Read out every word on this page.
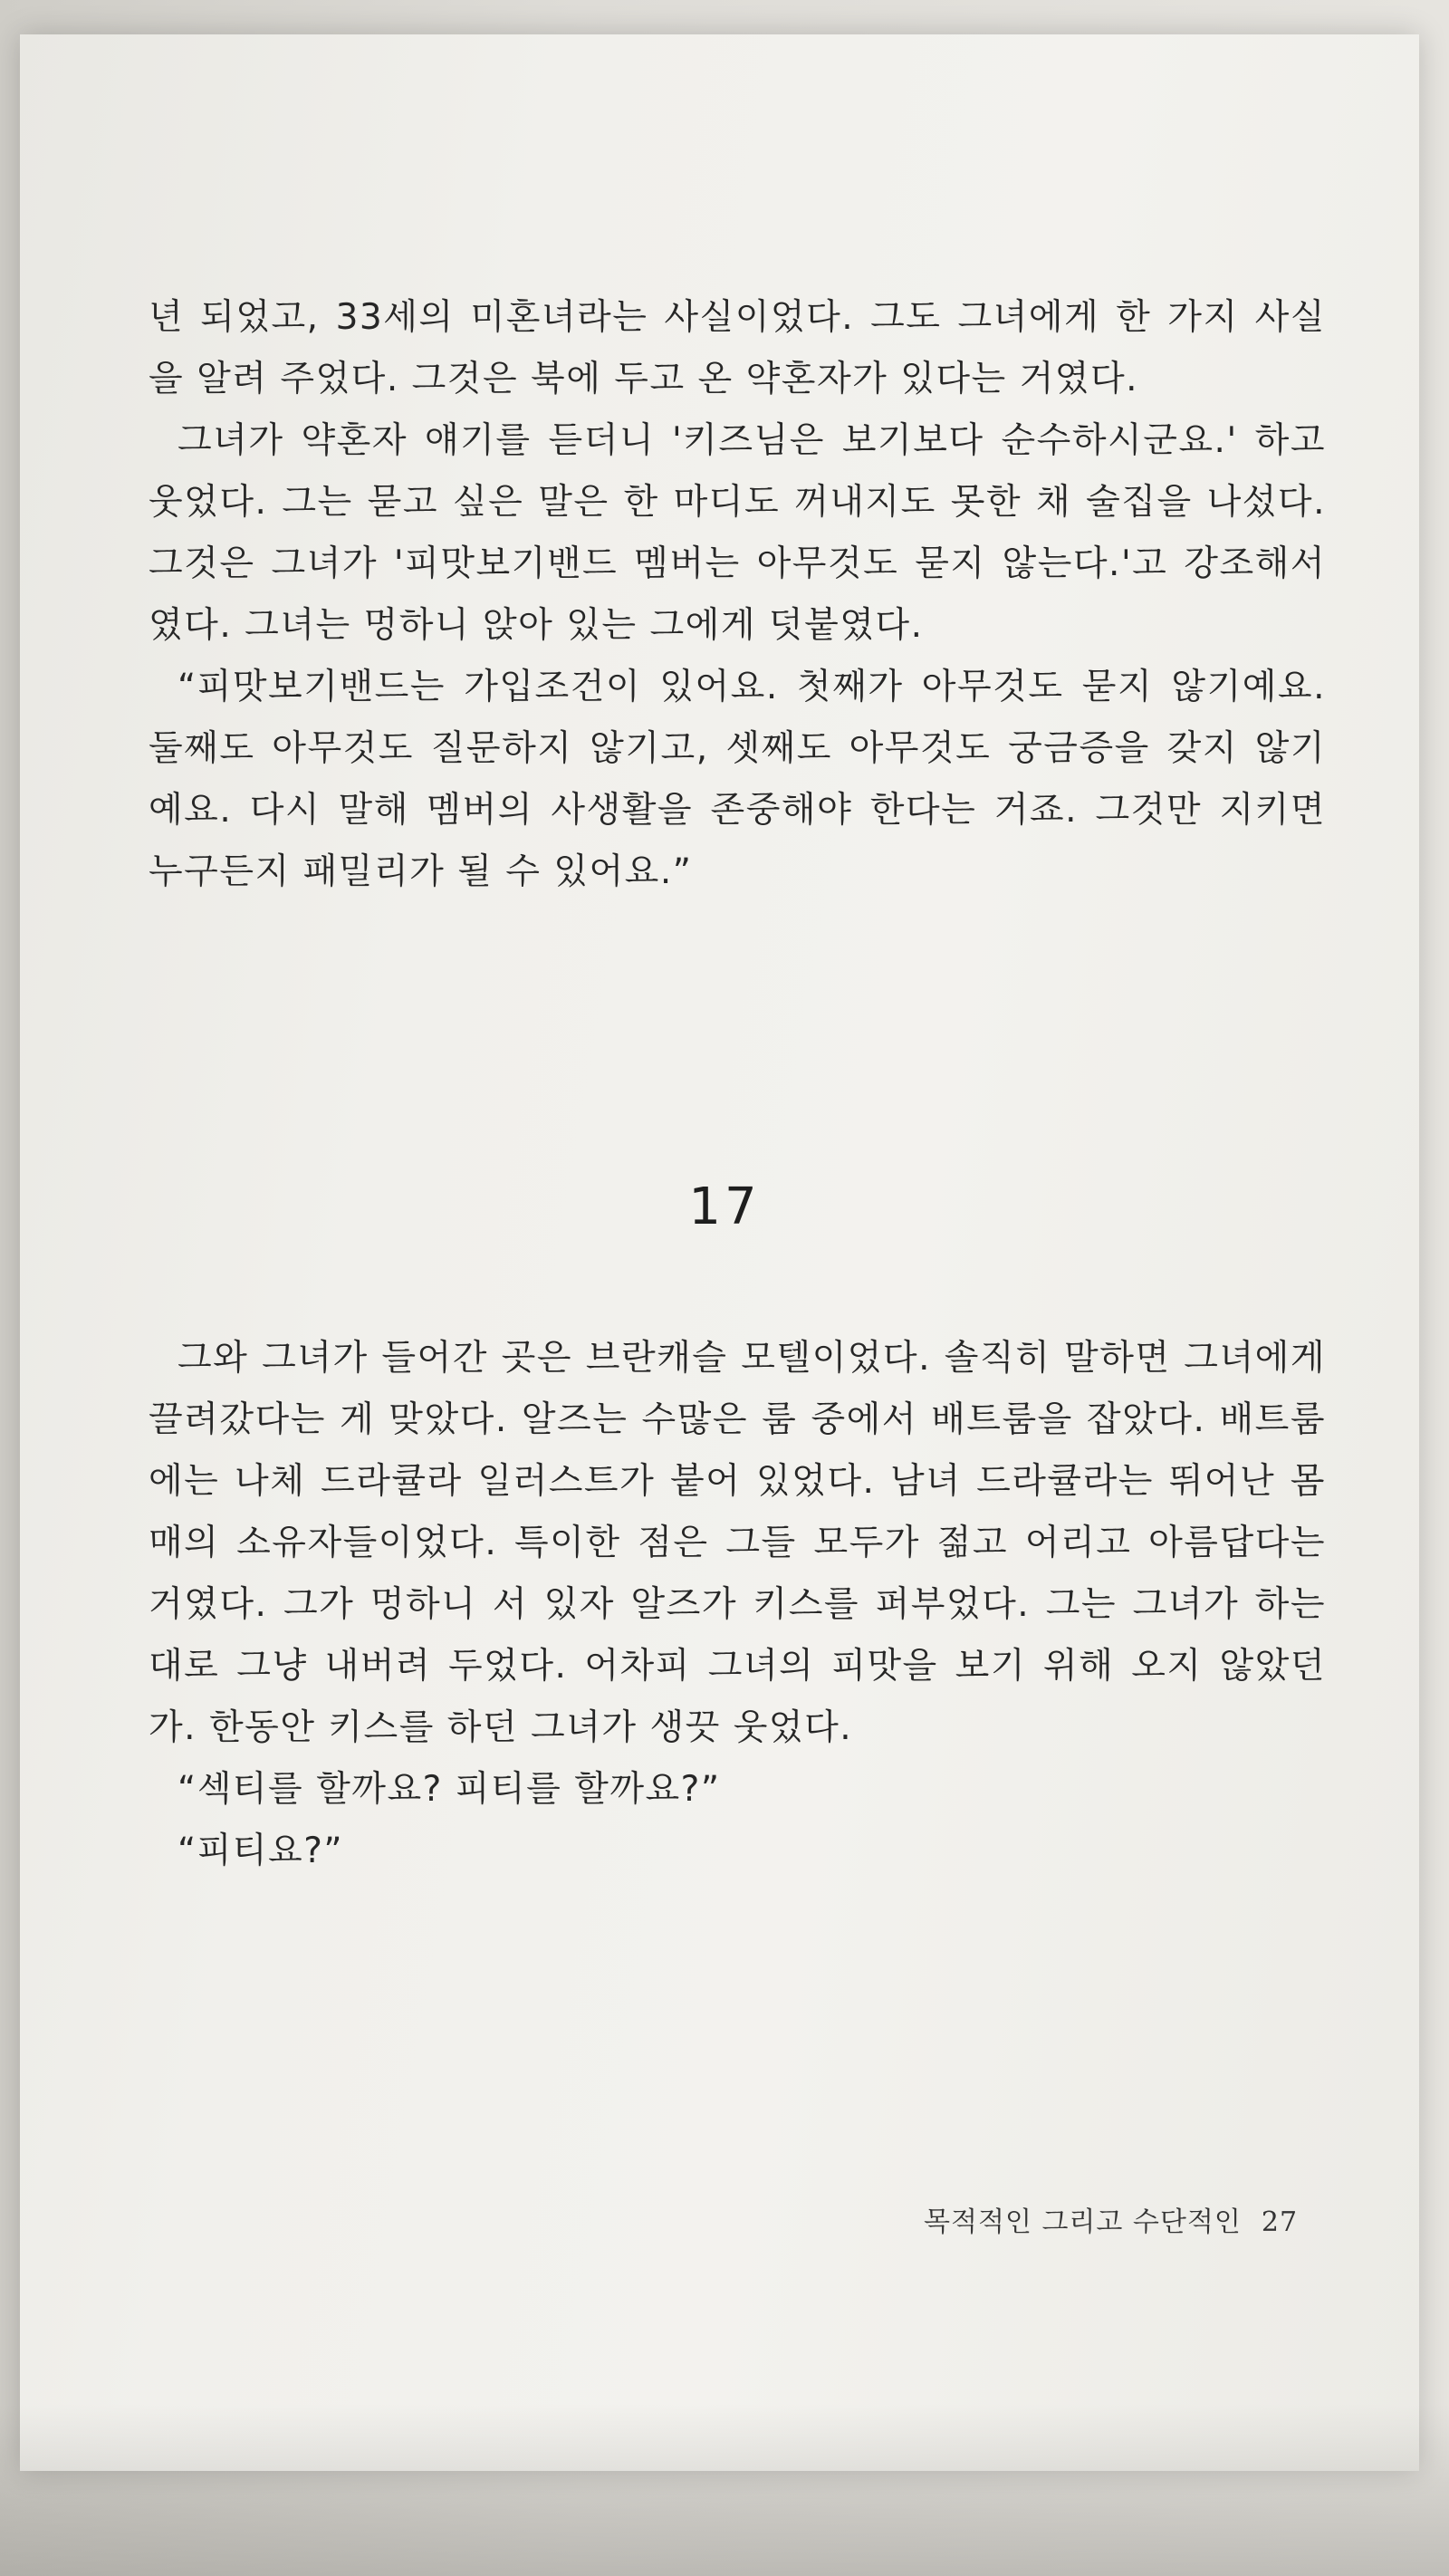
년 되었고, 33세의 미혼녀라는 사실이었다. 그도 그녀에게 한 가지 사실을 알려 주었다. 그것은 북에 두고 온 약혼자가 있다는 거였다.

그녀가 약혼자 얘기를 듣더니 '키즈님은 보기보다 순수하시군요.' 하고 웃었다. 그는 묻고 싶은 말은 한 마디도 꺼내지도 못한 채 술집을 나섰다. 그것은 그녀가 '피맛보기밴드 멤버는 아무것도 묻지 않는다.'고 강조해서였다. 그녀는 멍하니 앉아 있는 그에게 덧붙였다.

“피맛보기밴드는 가입조건이 있어요. 첫째가 아무것도 묻지 않기예요. 둘째도 아무것도 질문하지 않기고, 셋째도 아무것도 궁금증을 갖지 않기예요. 다시 말해 멤버의 사생활을 존중해야 한다는 거죠. 그것만 지키면 누구든지 패밀리가 될 수 있어요.”

17

그와 그녀가 들어간 곳은 브란캐슬 모텔이었다. 솔직히 말하면 그녀에게 끌려갔다는 게 맞았다. 알즈는 수많은 룸 중에서 배트룸을 잡았다. 배트룸에는 나체 드라큘라 일러스트가 붙어 있었다. 남녀 드라큘라는 뛰어난 몸매의 소유자들이었다. 특이한 점은 그들 모두가 젊고 어리고 아름답다는 거였다. 그가 멍하니 서 있자 알즈가 키스를 퍼부었다. 그는 그녀가 하는 대로 그냥 내버려 두었다. 어차피 그녀의 피맛을 보기 위해 오지 않았던가. 한동안 키스를 하던 그녀가 생끗 웃었다.

“섹티를 할까요? 피티를 할까요?”

“피티요?”

목적적인 그리고 수단적인 27
